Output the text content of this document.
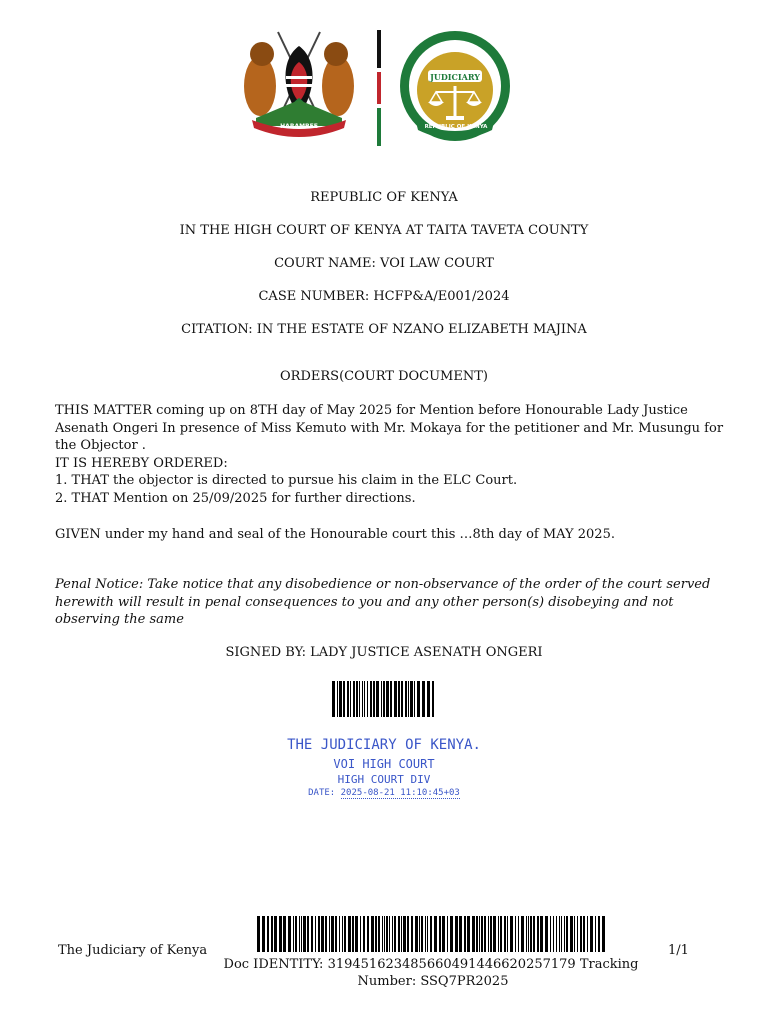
HARAMBEE
JUDICIARY
REPUBLIC OF KENYA
REPUBLIC OF KENYA
IN THE HIGH COURT OF KENYA AT TAITA TAVETA COUNTY
COURT NAME: VOI LAW COURT
CASE NUMBER: HCFP&A/E001/2024
CITATION: IN THE ESTATE OF NZANO ELIZABETH MAJINA
ORDERS(COURT DOCUMENT)

THIS MATTER coming up on 8TH day of May 2025 for Mention before Honourable Lady Justice Asenath Ongeri In presence of Miss Kemuto with Mr. Mokaya for the petitioner and Mr. Musungu for the Objector .

IT IS HEREBY ORDERED:

1. THAT the objector is directed to pursue his claim in the ELC Court.

2. THAT Mention on 25/09/2025 for further directions.

GIVEN under my hand and seal of the Honourable court this …8th day of MAY 2025.
Penal Notice: Take notice that any disobedience or non-observance of the order of the court served herewith will result in penal consequences to you and any other person(s) disobeying and not observing the same
SIGNED BY: LADY JUSTICE ASENATH ONGERI
THE JUDICIARY OF KENYA.
VOI HIGH COURT
HIGH COURT DIV
DATE: 2025-08-21 11:10:45+03
The Judiciary of Kenya
Doc IDENTITY: 31945162348566049144662025​7179 Tracking
Number: SSQ7PR2025
1/1
